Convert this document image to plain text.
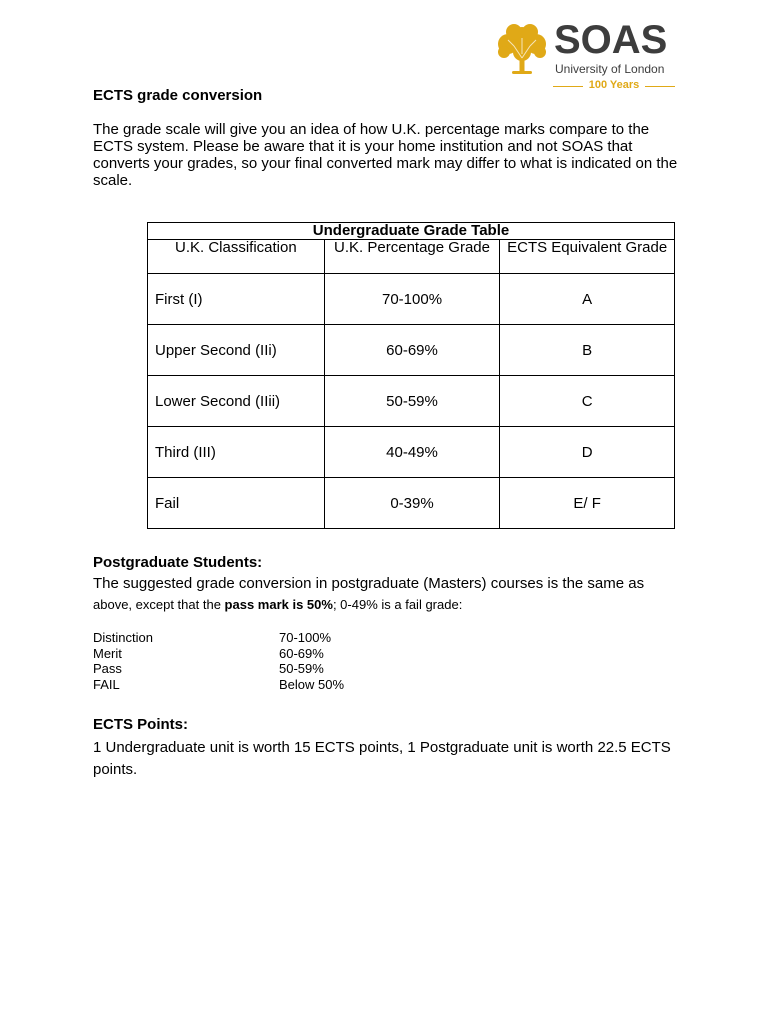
SOAS
University of London
100 Years
ECTS grade conversion

The grade scale will give you an idea of how U.K. percentage marks compare to the ECTS system. Please be aware that it is your home institution and not SOAS that converts your grades, so your final converted mark may differ to what is indicated on the scale.

Undergraduate Grade Table		
U.K. Classification	U.K. Percentage Grade	ECTS Equivalent Grade
First (I)	70-100%	A
Upper Second (IIi)	60-69%	B
Lower Second (IIii)	50-59%	C
Third (III)	40-49%	D
Fail	0-39%	E/ F
Postgraduate Students:
The suggested grade conversion in postgraduate (Masters) courses is the same as
above, except that the pass mark is 50%; 0-49% is a fail grade:
Distinction	70-100%
Merit	60-69%
Pass	50-59%
FAIL	Below 50%
ECTS Points:

1 Undergraduate unit is worth 15 ECTS points, 1 Postgraduate unit is worth 22.5 ECTS points.
